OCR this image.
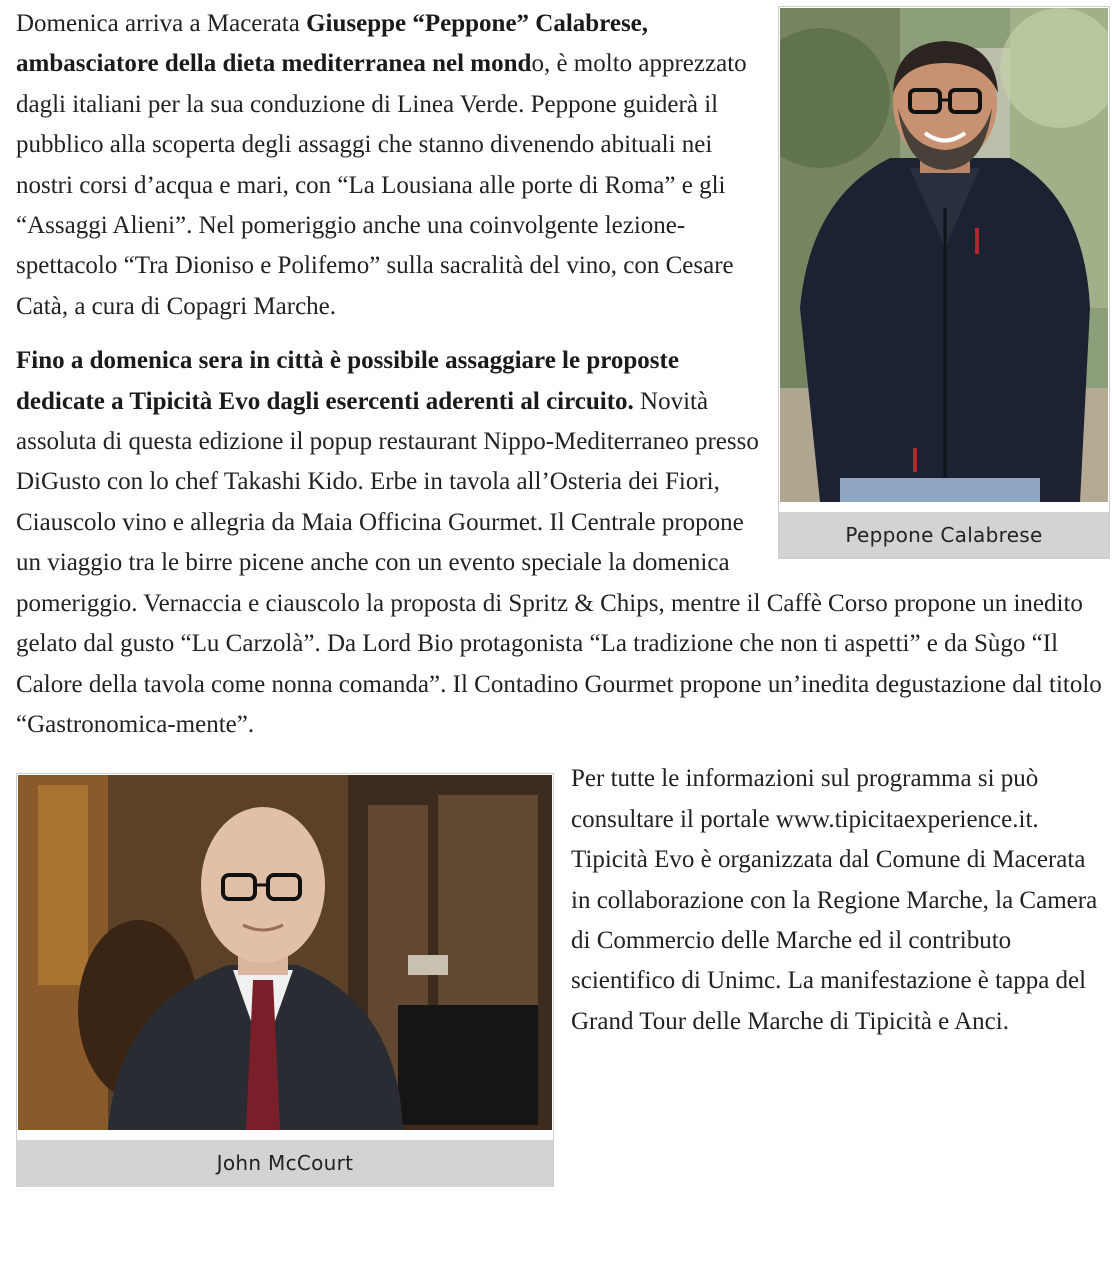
Peppone Calabrese

Domenica arriva a Macerata Giuseppe “Peppone” Calabrese, ambasciatore della dieta mediterranea nel mondo, è molto apprezzato dagli italiani per la sua conduzione di Linea Verde. Peppone guiderà il pubblico alla scoperta degli assaggi che stanno divenendo abituali nei nostri corsi d’acqua e mari, con “La Lousiana alle porte di Roma” e gli “Assaggi Alieni”. Nel pomeriggio anche una coinvolgente lezione-spettacolo “Tra Dioniso e Polifemo” sulla sacralità del vino, con Cesare Catà, a cura di Copagri Marche.

Fino a domenica sera in città è possibile assaggiare le proposte dedicate a Tipicità Evo dagli esercenti aderenti al circuito. Novità assoluta di questa edizione il popup restaurant Nippo-Mediterraneo presso DiGusto con lo chef Takashi Kido. Erbe in tavola all’Osteria dei Fiori, Ciauscolo vino e allegria da Maia Officina Gourmet. Il Centrale propone un viaggio tra le birre picene anche con un evento speciale la domenica pomeriggio. Vernaccia e ciauscolo la proposta di Spritz & Chips, mentre il Caffè Corso propone un inedito gelato dal gusto “Lu Carzolà”. Da Lord Bio protagonista “La tradizione che non ti aspetti” e da Sùgo “Il Calore della tavola come nonna comanda”. Il Contadino Gourmet propone un’inedita degustazione dal titolo “Gastronomica-mente”.

John McCourt

Per tutte le informazioni sul programma si può consultare il portale www.tipicitaexperience.it. Tipicità Evo è organizzata dal Comune di Macerata in collaborazione con la Regione Marche, la Camera di Commercio delle Marche ed il contributo scientifico di Unimc. La manifestazione è tappa del Grand Tour delle Marche di Tipicità e Anci.
